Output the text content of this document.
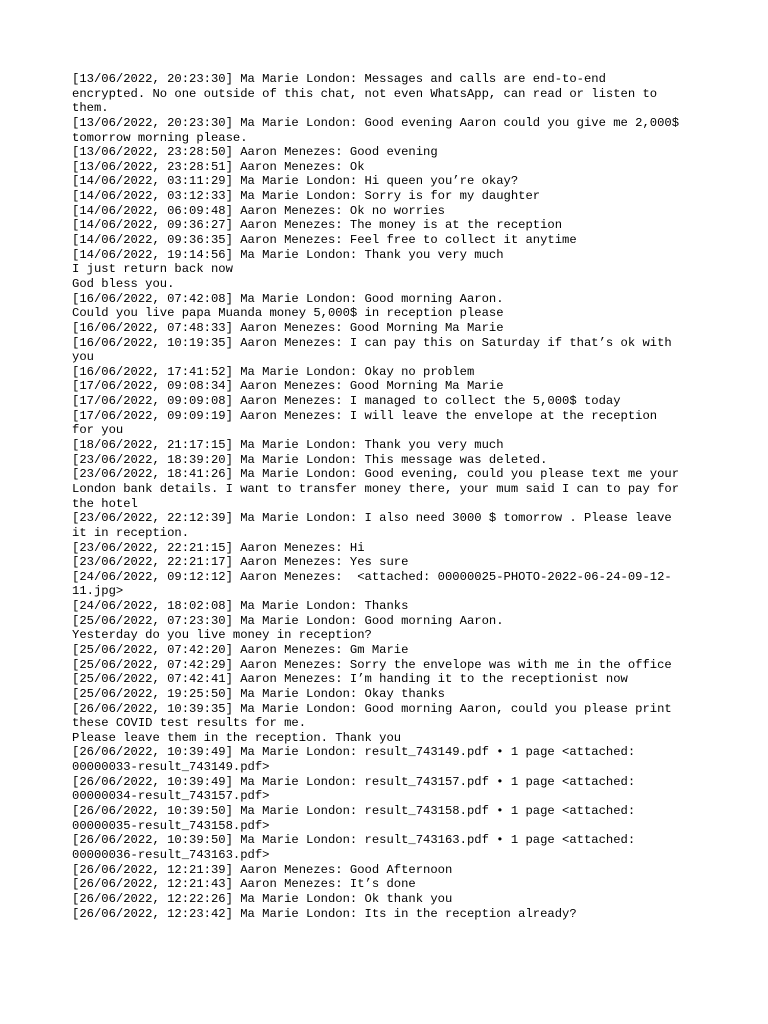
[13/06/2022, 20:23:30] Ma Marie London: Messages and calls are end-to-end
encrypted. No one outside of this chat, not even WhatsApp, can read or listen to
them.
[13/06/2022, 20:23:30] Ma Marie London: Good evening Aaron could you give me 2,000$
tomorrow morning please.
[13/06/2022, 23:28:50] Aaron Menezes: Good evening
[13/06/2022, 23:28:51] Aaron Menezes: Ok
[14/06/2022, 03:11:29] Ma Marie London: Hi queen you’re okay?
[14/06/2022, 03:12:33] Ma Marie London: Sorry is for my daughter
[14/06/2022, 06:09:48] Aaron Menezes: Ok no worries
[14/06/2022, 09:36:27] Aaron Menezes: The money is at the reception
[14/06/2022, 09:36:35] Aaron Menezes: Feel free to collect it anytime
[14/06/2022, 19:14:56] Ma Marie London: Thank you very much
I just return back now
God bless you.
[16/06/2022, 07:42:08] Ma Marie London: Good morning Aaron.
Could you live papa Muanda money 5,000$ in reception please
[16/06/2022, 07:48:33] Aaron Menezes: Good Morning Ma Marie
[16/06/2022, 10:19:35] Aaron Menezes: I can pay this on Saturday if that’s ok with
you
[16/06/2022, 17:41:52] Ma Marie London: Okay no problem
[17/06/2022, 09:08:34] Aaron Menezes: Good Morning Ma Marie
[17/06/2022, 09:09:08] Aaron Menezes: I managed to collect the 5,000$ today
[17/06/2022, 09:09:19] Aaron Menezes: I will leave the envelope at the reception
for you
[18/06/2022, 21:17:15] Ma Marie London: Thank you very much
[23/06/2022, 18:39:20] Ma Marie London: This message was deleted.
[23/06/2022, 18:41:26] Ma Marie London: Good evening, could you please text me your
London bank details. I want to transfer money there, your mum said I can to pay for
the hotel
[23/06/2022, 22:12:39] Ma Marie London: I also need 3000 $ tomorrow . Please leave
it in reception.
[23/06/2022, 22:21:15] Aaron Menezes: Hi
[23/06/2022, 22:21:17] Aaron Menezes: Yes sure
[24/06/2022, 09:12:12] Aaron Menezes:  <attached: 00000025-PHOTO-2022-06-24-09-12-
11.jpg>
[24/06/2022, 18:02:08] Ma Marie London: Thanks
[25/06/2022, 07:23:30] Ma Marie London: Good morning Aaron.
Yesterday do you live money in reception?
[25/06/2022, 07:42:20] Aaron Menezes: Gm Marie
[25/06/2022, 07:42:29] Aaron Menezes: Sorry the envelope was with me in the office
[25/06/2022, 07:42:41] Aaron Menezes: I’m handing it to the receptionist now
[25/06/2022, 19:25:50] Ma Marie London: Okay thanks
[26/06/2022, 10:39:35] Ma Marie London: Good morning Aaron, could you please print
these COVID test results for me.
Please leave them in the reception. Thank you
[26/06/2022, 10:39:49] Ma Marie London: result_743149.pdf • 1 page <attached:
00000033-result_743149.pdf>
[26/06/2022, 10:39:49] Ma Marie London: result_743157.pdf • 1 page <attached:
00000034-result_743157.pdf>
[26/06/2022, 10:39:50] Ma Marie London: result_743158.pdf • 1 page <attached:
00000035-result_743158.pdf>
[26/06/2022, 10:39:50] Ma Marie London: result_743163.pdf • 1 page <attached:
00000036-result_743163.pdf>
[26/06/2022, 12:21:39] Aaron Menezes: Good Afternoon
[26/06/2022, 12:21:43] Aaron Menezes: It’s done
[26/06/2022, 12:22:26] Ma Marie London: Ok thank you
[26/06/2022, 12:23:42] Ma Marie London: Its in the reception already?
